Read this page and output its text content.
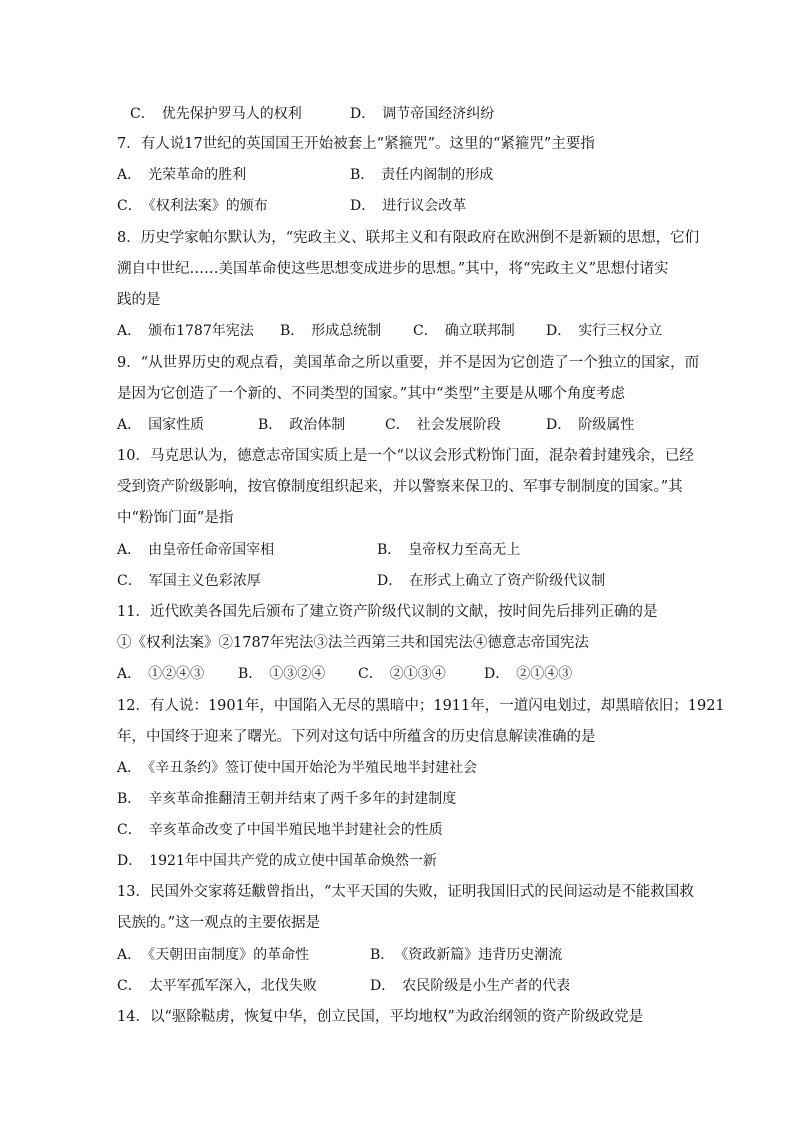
C．　优先保护罗马人的权利	D．　调节帝国经济纠纷
7．有人说17世纪的英国国王开始被套上“紧箍咒”。这里的“紧箍咒”主要指
A．　光荣革命的胜利	B．　责任内阁制的形成
C．　《权利法案》的颁布	D．　进行议会改革
8．历史学家帕尔默认为，“宪政主义、联邦主义和有限政府在欧洲倒不是新颖的思想，它们
溯自中世纪……美国革命使这些思想变成进步的思想。”其中，将“宪政主义”思想付诸实
践的是
A．　颁布1787年宪法 B．　形成总统制 C．　确立联邦制 D．　实行三权分立
9．“从世界历史的观点看，美国革命之所以重要，并不是因为它创造了一个独立的国家，而
是因为它创造了一个新的、不同类型的国家。”其中“类型”主要是从哪个角度考虑
A．　国家性质	B．　政治体制	C．　社会发展阶段	D．　阶级属性
10．马克思认为，德意志帝国实质上是一个“以议会形式粉饰门面，混杂着封建残余，已经
受到资产阶级影响，按官僚制度组织起来，并以警察来保卫的、军事专制制度的国家。”其
中“粉饰门面”是指
A．　由皇帝任命帝国宰相	B．　皇帝权力至高无上
C．　军国主义色彩浓厚	D．　在形式上确立了资产阶级代议制
11．近代欧美各国先后颁布了建立资产阶级代议制的文献，按时间先后排列正确的是
①《权利法案》②1787年宪法③法兰西第三共和国宪法④德意志帝国宪法
A．　①②④③ B．　①③②④ C．　②①③④	D．　②①④③
12．有人说：1901年，中国陷入无尽的黑暗中；1911年，一道闪电划过，却黑暗依旧；1921
年，中国终于迎来了曙光。下列对这句话中所蕴含的历史信息解读准确的是
A．　《辛丑条约》签订使中国开始沦为半殖民地半封建社会
B．　辛亥革命推翻清王朝并结束了两千多年的封建制度
C．　辛亥革命改变了中国半殖民地半封建社会的性质
D．　1921年中国共产党的成立使中国革命焕然一新
13．民国外交家蒋廷黻曾指出，“太平天国的失败，证明我国旧式的民间运动是不能救国救
民族的。”这一观点的主要依据是
A．　《天朝田亩制度》的革命性	B．　《资政新篇》违背历史潮流
C．　太平军孤军深入，北伐失败	D．　农民阶级是小生产者的代表
14．以“驱除鞑虏，恢复中华，创立民国，平均地权”为政治纲领的资产阶级政党是
